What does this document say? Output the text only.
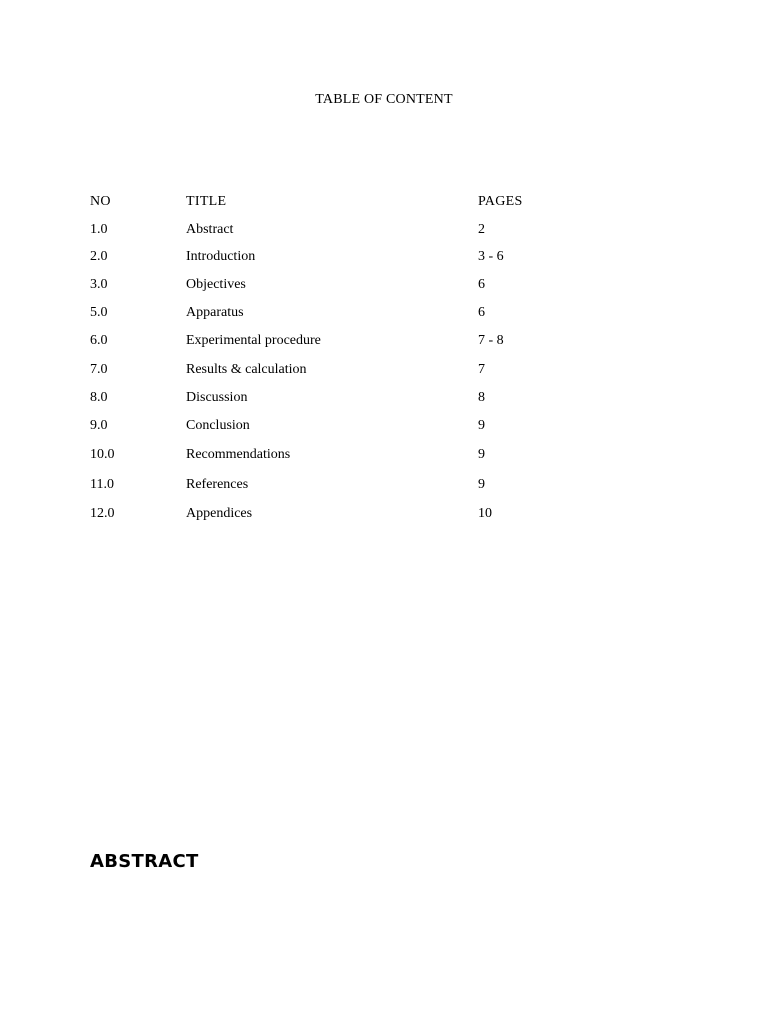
TABLE OF CONTENT
NO	TITLE	PAGES
1.0	Abstract	2
2.0	Introduction	3 - 6
3.0	Objectives	6
5.0	Apparatus	6
6.0	Experimental procedure	7 - 8
7.0	Results & calculation	7
8.0	Discussion	8
9.0	Conclusion	9
10.0	Recommendations	9
11.0	References	9
12.0	Appendices	10
ABSTRACT
